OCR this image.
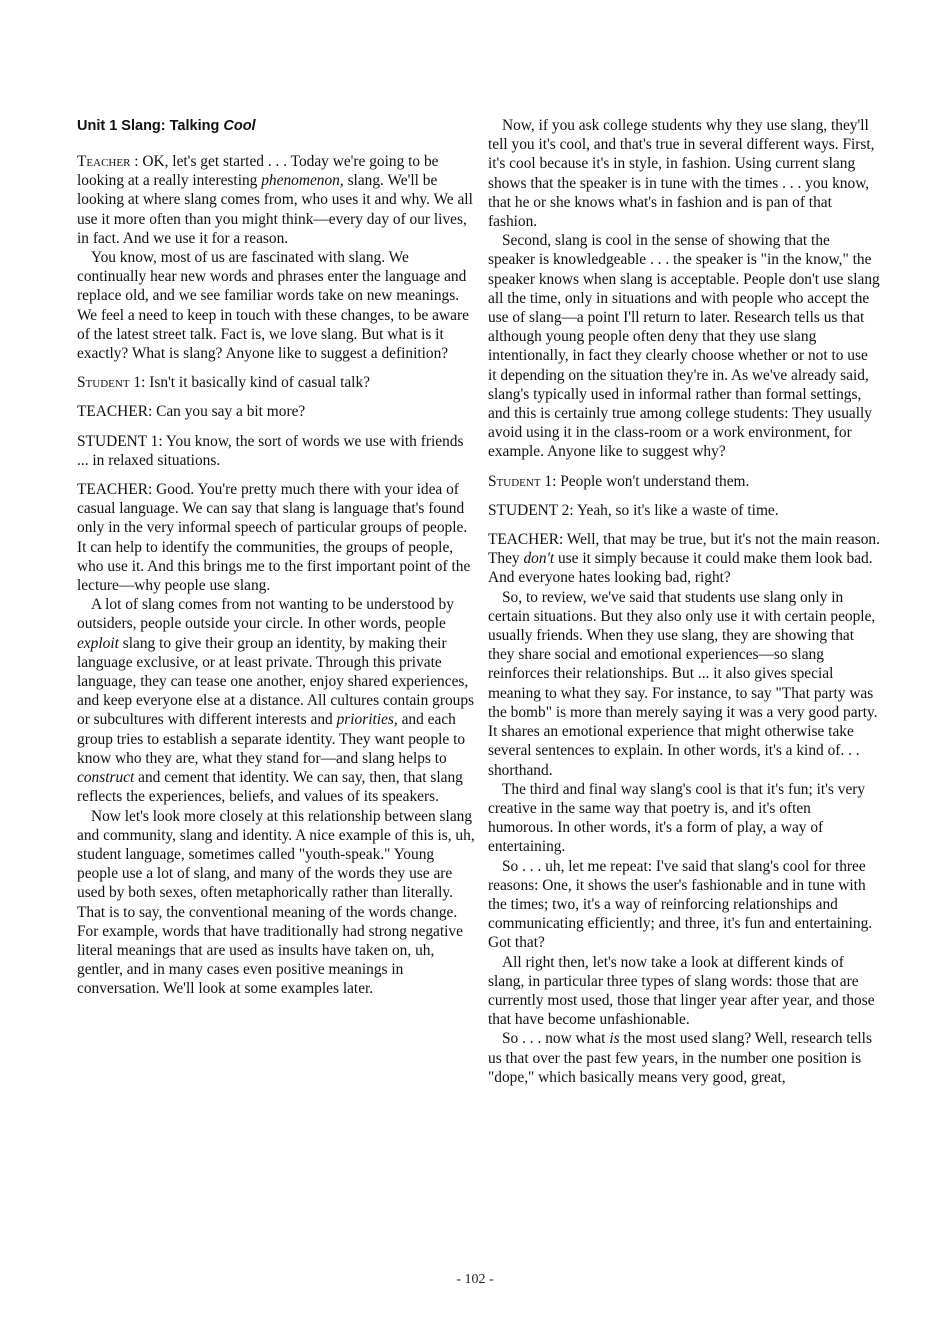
Unit 1 Slang: Talking Cool

Teacher : OK, let's get started . . . Today we're going to be looking at a really interesting phenomenon, slang. We'll be looking at where slang comes from, who uses it and why. We all use it more often than you might think—every day of our lives, in fact. And we use it for a reason.

You know, most of us are fascinated with slang. We continually hear new words and phrases enter the language and replace old, and we see familiar words take on new meanings. We feel a need to keep in touch with these changes, to be aware of the latest street talk. Fact is, we love slang. But what is it exactly? What is slang? Anyone like to suggest a definition?

Student 1: Isn't it basically kind of casual talk?

TEACHER: Can you say a bit more?

STUDENT 1: You know, the sort of words we use with friends ... in relaxed situations.

TEACHER: Good. You're pretty much there with your idea of casual language. We can say that slang is language that's found only in the very informal speech of particular groups of people. It can help to identify the communities, the groups of people, who use it. And this brings me to the first important point of the lecture—why people use slang.

A lot of slang comes from not wanting to be understood by outsiders, people outside your circle. In other words, people exploit slang to give their group an identity, by making their language exclusive, or at least private. Through this private language, they can tease one another, enjoy shared experiences, and keep everyone else at a distance. All cultures contain groups or subcultures with different interests and priorities, and each group tries to establish a separate identity. They want people to know who they are, what they stand for—and slang helps to construct and cement that identity. We can say, then, that slang reflects the experiences, beliefs, and values of its speakers.

Now let's look more closely at this relationship between slang and community, slang and identity. A nice example of this is, uh, student language, sometimes called "youth-speak." Young people use a lot of slang, and many of the words they use are used by both sexes, often metaphorically rather than literally. That is to say, the conventional meaning of the words change. For example, words that have traditionally had strong negative literal meanings that are used as insults have taken on, uh, gentler, and in many cases even positive meanings in conversation. We'll look at some examples later.

Now, if you ask college students why they use slang, they'll tell you it's cool, and that's true in several different ways. First, it's cool because it's in style, in fashion. Using current slang shows that the speaker is in tune with the times . . . you know, that he or she knows what's in fashion and is pan of that fashion.

Second, slang is cool in the sense of showing that the speaker is knowledgeable . . . the speaker is "in the know," the speaker knows when slang is acceptable. People don't use slang all the time, only in situations and with people who accept the use of slang—a point I'll return to later. Research tells us that although young people often deny that they use slang intentionally, in fact they clearly choose whether or not to use it depending on the situation they're in. As we've already said, slang's typically used in informal rather than formal settings, and this is certainly true among college students: They usually avoid using it in the class-room or a work environment, for example. Anyone like to suggest why?

Student 1: People won't understand them.

STUDENT 2: Yeah, so it's like a waste of time.

TEACHER: Well, that may be true, but it's not the main reason. They don't use it simply because it could make them look bad. And everyone hates looking bad, right?

So, to review, we've said that students use slang only in certain situations. But they also only use it with certain people, usually friends. When they use slang, they are showing that they share social and emotional experiences—so slang reinforces their relationships. But ... it also gives special meaning to what they say. For instance, to say "That party was the bomb" is more than merely saying it was a very good party. It shares an emotional experience that might otherwise take several sentences to explain. In other words, it's a kind of. . . shorthand.

The third and final way slang's cool is that it's fun; it's very creative in the same way that poetry is, and it's often humorous. In other words, it's a form of play, a way of entertaining.

So . . . uh, let me repeat: I've said that slang's cool for three reasons: One, it shows the user's fashionable and in tune with the times; two, it's a way of reinforcing relationships and communicating efficiently; and three, it's fun and entertaining. Got that?

All right then, let's now take a look at different kinds of slang, in particular three types of slang words: those that are currently most used, those that linger year after year, and those that have become unfashionable.

So . . . now what is the most used slang? Well, research tells us that over the past few years, in the number one position is "dope," which basically means very good, great,

- 102 -
